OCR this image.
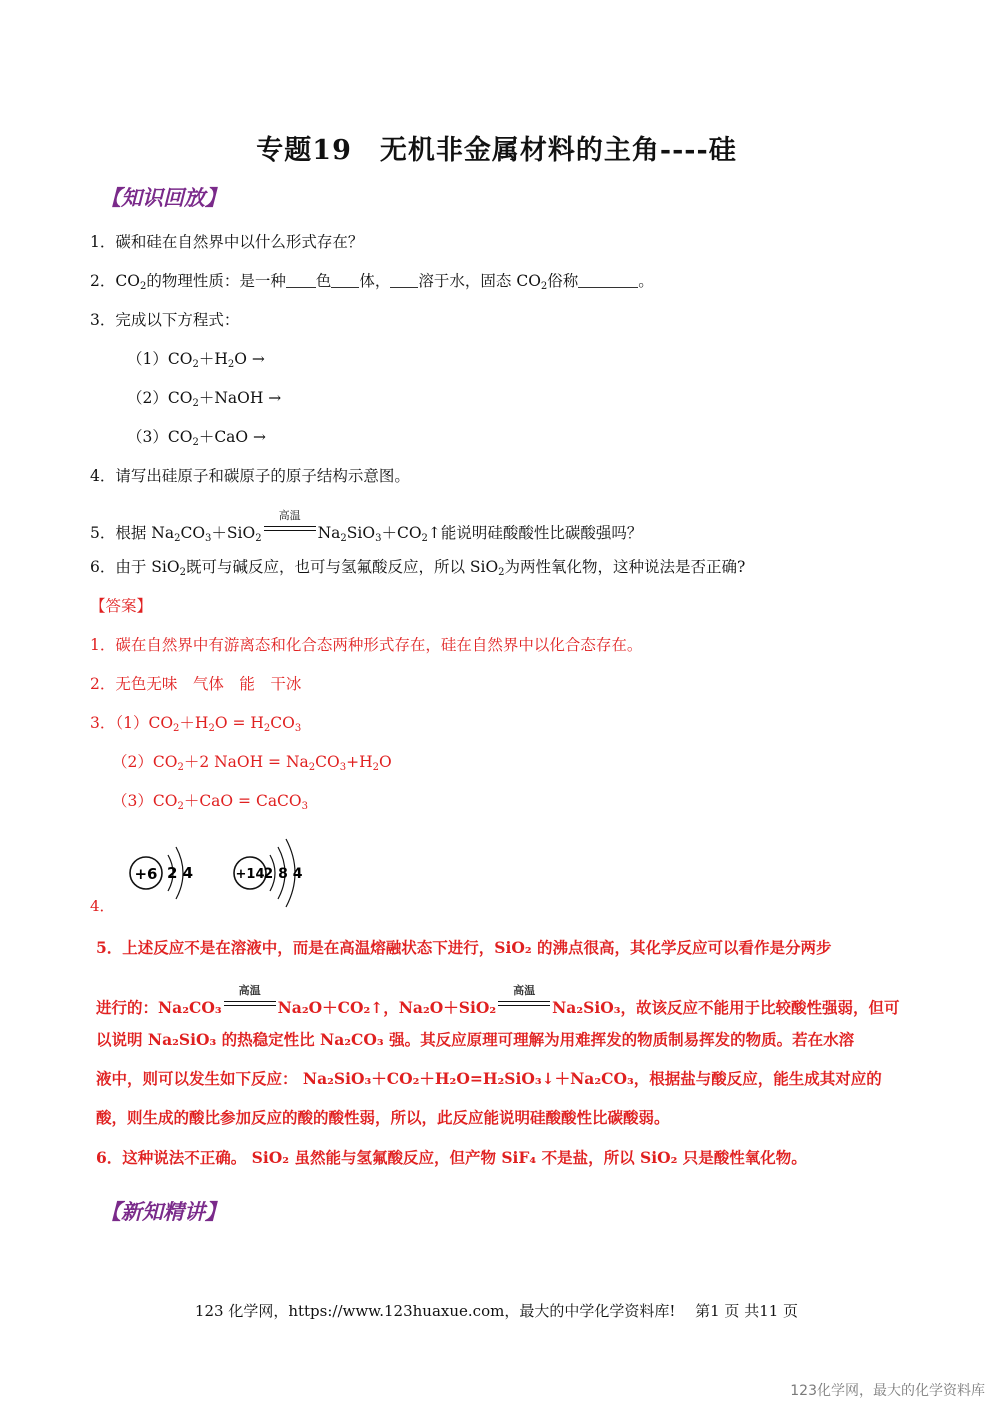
专题19　无机非金属材料的主角----硅
【知识回放】
1．碳和硅在自然界中以什么形式存在？
2．$CO_2$的物理性质：是一种 色 体， 溶于水，固态 $CO_2$俗称	。
3．完成以下方程式：
$(1)CO_2+H_2O$ →
$(2)CO_2+NaOH$ →
$(3)CO_2+CaO$ →
4．请写出硅原子和碳原子的原子结构示意图。
5．根据 $Na_2CO_3+SiO_2$
高温
$Na_2SiO_3+CO_2↑$能说明硅酸酸性比碳酸强吗？
6．由于 SiO$_2$既可与碱反应，也可与氢氟酸反应，所以 SiO$_2$为两性氧化物，这种说法是否正确?
【答案】
1．碳在自然界中有游离态和化合态两种形式存在，硅在自然界中以化合态存在。
2．无色无味　气体　能　干冰
3．$(1)CO_2+H_2O = H_2CO_3$
$(2)CO_2+2$ NaOH = $Na_2CO_3+H_2O$
$(3)CO_2+CaO$ = CaCO$_3$
+6 2 4	+14 2 8 4
4．
5．上述反应不是在溶液中，而是在高温熔融状态下进行，SiO₂ 的沸点很高，其化学反应可以看作是分两步
进行的：Na₂CO₃
高温
Na₂O＋CO₂↑，Na₂O＋SiO₂
高温
Na₂SiO₃，故该反应不能用于比较酸性强弱，但可
以说明 Na₂SiO₃ 的热稳定性比 Na₂CO₃ 强。其反应原理可理解为用难挥发的物质制易挥发的物质。若在水溶
液中，则可以发生如下反应： Na₂SiO₃＋CO₂＋H₂O=H₂SiO₃↓＋Na₂CO₃，根据盐与酸反应，能生成其对应的
酸，则生成的酸比参加反应的酸的酸性弱，所以，此反应能说明硅酸酸性比碳酸弱。
6．这种说法不正确。 SiO₂ 虽然能与氢氟酸反应，但产物 SiF₄ 不是盐，所以 SiO₂ 只是酸性氧化物。
【新知精讲】
123 化学网，https://www.123huaxue.com，最大的中学化学资料库!　 第1 页 共11 页
123化学网，最大的化学资料库
